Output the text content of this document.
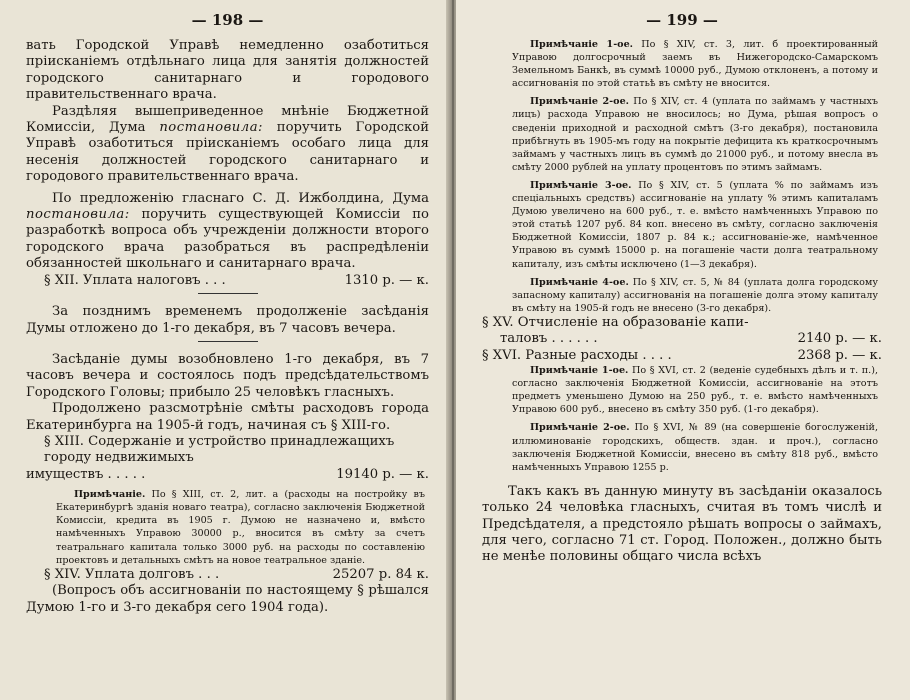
— 198 —

вать Городской Управѣ немедленно озаботиться прiисканiемъ отдѣльнаго лица для занятiя должностей городского санитарнаго и городового правительственнаго врача.

Раздѣляя вышеприведенное мнѣнiе Бюджетной Комиссiи, Дума постановила: поручить Городской Управѣ озаботиться прiисканiемъ особаго лица для несенiя должностей городского санитарнаго и городового правительственнаго врача.

По предложенiю гласнаго С. Д. Ижболдина, Дума постановила: поручить существующей Комиссiи по разработкѣ вопроса объ учрежденiи должности второго городского врача разобраться въ распредѣленiи обязанностей школьнаго и санитарнаго врача.

§ XII. Уплата налоговъ . . .	1310 р. — к.

За позднимъ временемъ продолженiе засѣданiя Думы отложено до 1-го декабря, въ 7 часовъ вечера.

Засѣданiе думы возобновлено 1-го декабря, въ 7 часовъ вечера и состоялось подъ предсѣдательствомъ Городского Головы; прибыло 25 человѣкъ гласныхъ.

Продолжено разсмотрѣнiе смѣты расходовъ города Екатеринбурга на 1905-й годъ, начиная съ § XIII-го.

§ XIII. Содержанiе и устройство принадлежащихъ городу недвижимыхъ
имуществъ . . . . .	19140 р. — к.

Примѣчанiе. По § XIII, ст. 2, лит. а (расходы на постройку въ Екатеринбургѣ зданiя новаго театра), согласно заключенiя Бюджетной Комиссiи, кредита въ 1905 г. Думою не назначено и, вмѣсто намѣченныхъ Управою 30000 р., вносится въ смѣту за счетъ театральнаго капитала только 3000 руб. на расходы по составленiю проектовъ и детальныхъ смѣтъ на новое театральное зданiе.

§ XIV. Уплата долговъ . . .	25207 р. 84 к.

(Вопросъ объ ассигнованiи по настоящему § рѣшался Думою 1-го и 3-го декабря сего 1904 года).

— 199 —

Примѣчанiе 1-ое. По § XIV, ст. 3, лит. б проектированный Управою долгосрочный заемъ въ Нижегородско-Самарскомъ Земельномъ Банкѣ, въ суммѣ 10000 руб., Думою отклоненъ, а потому и ассигнованiя по этой статьѣ въ смѣту не вносится.

Примѣчанiе 2-ое. По § XIV, ст. 4 (уплата по займамъ у частныхъ лицъ) расхода Управою не вносилось; но Дума, рѣшая вопросъ о сведенiи приходной и расходной смѣтъ (3-го декабря), постановила прибѣгнуть въ 1905-мъ году на покрытiе дефицита къ краткосрочнымъ займамъ у частныхъ лицъ въ суммѣ до 21000 руб., и потому внесла въ смѣту 2000 рублей на уплату процентовъ по этимъ займамъ.

Примѣчанiе 3-ое. По § XIV, ст. 5 (уплата % по займамъ изъ спецiальныхъ средствъ) ассигнованiе на уплату % этимъ капиталамъ Думою увеличено на 600 руб., т. е. вмѣсто намѣченныхъ Управою по этой статьѣ 1207 руб. 84 коп. внесено въ смѣту, согласно заключенiя Бюджетной Комиссiи, 1807 р. 84 к.; ассигнованiе-же, намѣченное Управою въ суммѣ 15000 р. на погашенiе части долга театральному капиталу, изъ смѣты исключено (1—3 декабря).

Примѣчанiе 4-ое. По § XIV, ст. 5, № 84 (уплата долга городскому запасному капиталу) ассигнованiя на погашенiе долга этому капиталу въ смѣту на 1905-й годъ не внесено (3-го декабря).

§ XV. Отчисленiе на образованiе капи-
таловъ . . . . . .	2140 р. — к.
§ XVI. Разные расходы . . . .	2368 р. — к.

Примѣчанiе 1-ое. По § XVI, ст. 2 (веденiе судебныхъ дѣлъ и т. п.), согласно заключенiя Бюджетной Комиссiи, ассигнованiе на этотъ предметъ уменьшено Думою на 250 руб., т. е. вмѣсто намѣченныхъ Управою 600 руб., внесено въ смѣту 350 руб. (1-го декабря).

Примѣчанiе 2-ое. По § XVI, № 89 (на совершенiе богослуженiй, иллюминованiе городскихъ, обществ. здан. и проч.), согласно заключенiя Бюджетной Комиссiи, внесено въ смѣту 818 руб., вмѣсто намѣченныхъ Управою 1255 р.

Такъ какъ въ данную минуту въ засѣданiи оказалось только 24 человѣка гласныхъ, считая въ томъ числѣ и Предсѣдателя, а предстояло рѣшать вопросы о займахъ, для чего, согласно 71 ст. Город. Положен., должно быть не менѣе половины общаго числа всѣхъ
